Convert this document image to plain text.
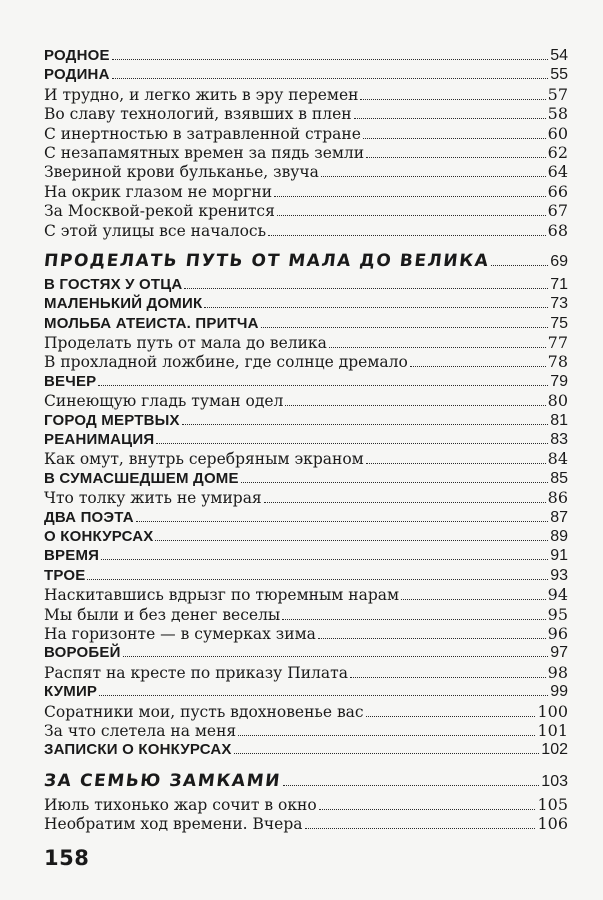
РОДНОЕ	54
РОДИНА	55
И трудно, и легко жить в эру перемен	57
Во славу технологий, взявших в плен	58
С инертностью в затравленной стране	60
С незапамятных времен за пядь земли	62
Звериной крови бульканье, звуча	64
На окрик глазом не моргни	66
За Москвой-рекой кренится	67
С этой улицы все началось	68
ПРОДЕЛАТЬ ПУТЬ ОТ МАЛА ДО ВЕЛИКА	69
В ГОСТЯХ У ОТЦА	71
МАЛЕНЬКИЙ ДОМИК	73
МОЛЬБА АТЕИСТА. ПРИТЧА	75
Проделать путь от мала до велика	77
В прохладной ложбине, где солнце дремало	78
ВЕЧЕР	79
Синеющую гладь туман одел	80
ГОРОД МЕРТВЫХ	81
РЕАНИМАЦИЯ	83
Как омут, внутрь серебряным экраном	84
В СУМАСШЕДШЕМ ДОМЕ	85
Что толку жить не умирая	86
ДВА ПОЭТА	87
О КОНКУРСАХ	89
ВРЕМЯ	91
ТРОЕ	93
Наскитавшись вдрызг по тюремным нарам	94
Мы были и без денег веселы	95
На горизонте — в сумерках зима	96
ВОРОБЕЙ	97
Распят на кресте по приказу Пилата	98
КУМИР	99
Соратники мои, пусть вдохновенье вас	100
За что слетела на меня	101
ЗАПИСКИ О КОНКУРСАХ	102
ЗА СЕМЬЮ ЗАМКАМИ	103
Июль тихонько жар сочит в окно	105
Необратим ход времени. Вчера	106
158
